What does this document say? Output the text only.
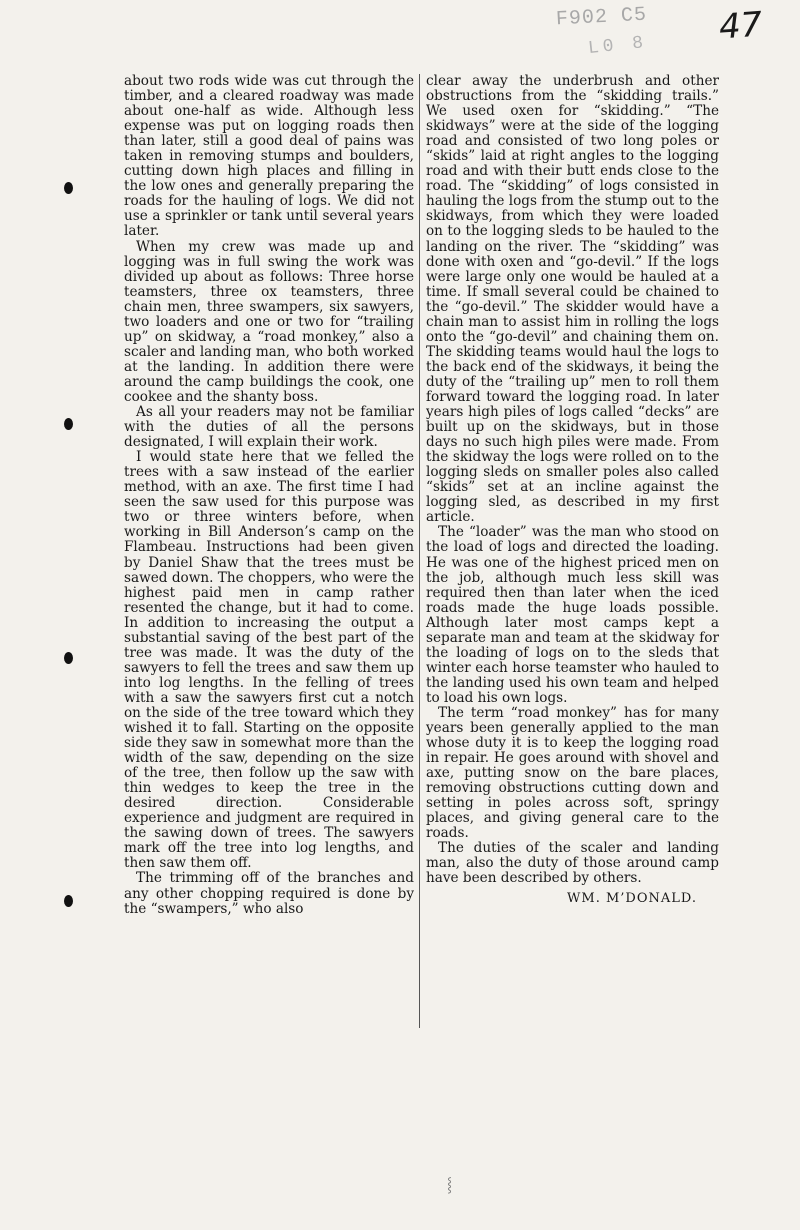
F902 C5
L0 8 47

about two rods wide was cut through the timber, and a cleared roadway was made about one-half as wide. Although less expense was put on logging roads then than later, still a good deal of pains was taken in removing stumps and boulders, cutting down high places and filling in the low ones and generally preparing the roads for the hauling of logs. We did not use a sprinkler or tank until several years later.

When my crew was made up and logging was in full swing the work was divided up about as follows: Three horse teamsters, three ox teamsters, three chain men, three swampers, six sawyers, two loaders and one or two for “trailing up” on skidway, a “road monkey,” also a scaler and landing man, who both worked at the landing. In addition there were around the camp buildings the cook, one cookee and the shanty boss.

As all your readers may not be familiar with the duties of all the persons designated, I will explain their work.

I would state here that we felled the trees with a saw instead of the earlier method, with an axe. The first time I had seen the saw used for this purpose was two or three winters before, when working in Bill Anderson’s camp on the Flambeau. Instructions had been given by Daniel Shaw that the trees must be sawed down. The choppers, who were the highest paid men in camp rather resented the change, but it had to come. In addition to increasing the output a substantial saving of the best part of the tree was made. It was the duty of the sawyers to fell the trees and saw them up into log lengths. In the felling of trees with a saw the sawyers first cut a notch on the side of the tree toward which they wished it to fall. Starting on the opposite side they saw in somewhat more than the width of the saw, depending on the size of the tree, then follow up the saw with thin wedges to keep the tree in the desired direction. Considerable experience and judgment are required in the sawing down of trees. The sawyers mark off the tree into log lengths, and then saw them off.

The trimming off of the branches and any other chopping required is done by the “swampers,” who also

clear away the underbrush and other obstructions from the “skidding trails.” We used oxen for “skidding.” “The skidways” were at the side of the logging road and consisted of two long poles or “skids” laid at right angles to the logging road and with their butt ends close to the road. The “skidding” of logs consisted in hauling the logs from the stump out to the skidways, from which they were loaded on to the logging sleds to be hauled to the landing on the river. The “skidding” was done with oxen and “go-devil.” If the logs were large only one would be hauled at a time. If small several could be chained to the “go-devil.” The skidder would have a chain man to assist him in rolling the logs onto the “go-devil” and chaining them on. The skidding teams would haul the logs to the back end of the skidways, it being the duty of the “trailing up” men to roll them forward toward the logging road. In later years high piles of logs called “decks” are built up on the skidways, but in those days no such high piles were made. From the skidway the logs were rolled on to the logging sleds on smaller poles also called “skids” set at an incline against the logging sled, as described in my first article.

The “loader” was the man who stood on the load of logs and directed the loading. He was one of the highest priced men on the job, although much less skill was required then than later when the iced roads made the huge loads possible. Although later most camps kept a separate man and team at the skidway for the loading of logs on to the sleds that winter each horse teamster who hauled to the landing used his own team and helped to load his own logs.

The term “road monkey” has for many years been generally applied to the man whose duty it is to keep the logging road in repair. He goes around with shovel and axe, putting snow on the bare places, removing obstructions cutting down and setting in poles across soft, springy places, and giving general care to the roads.

The duties of the scaler and landing man, also the duty of those around camp have been described by others.

WM. M’DONALD.
⸾
